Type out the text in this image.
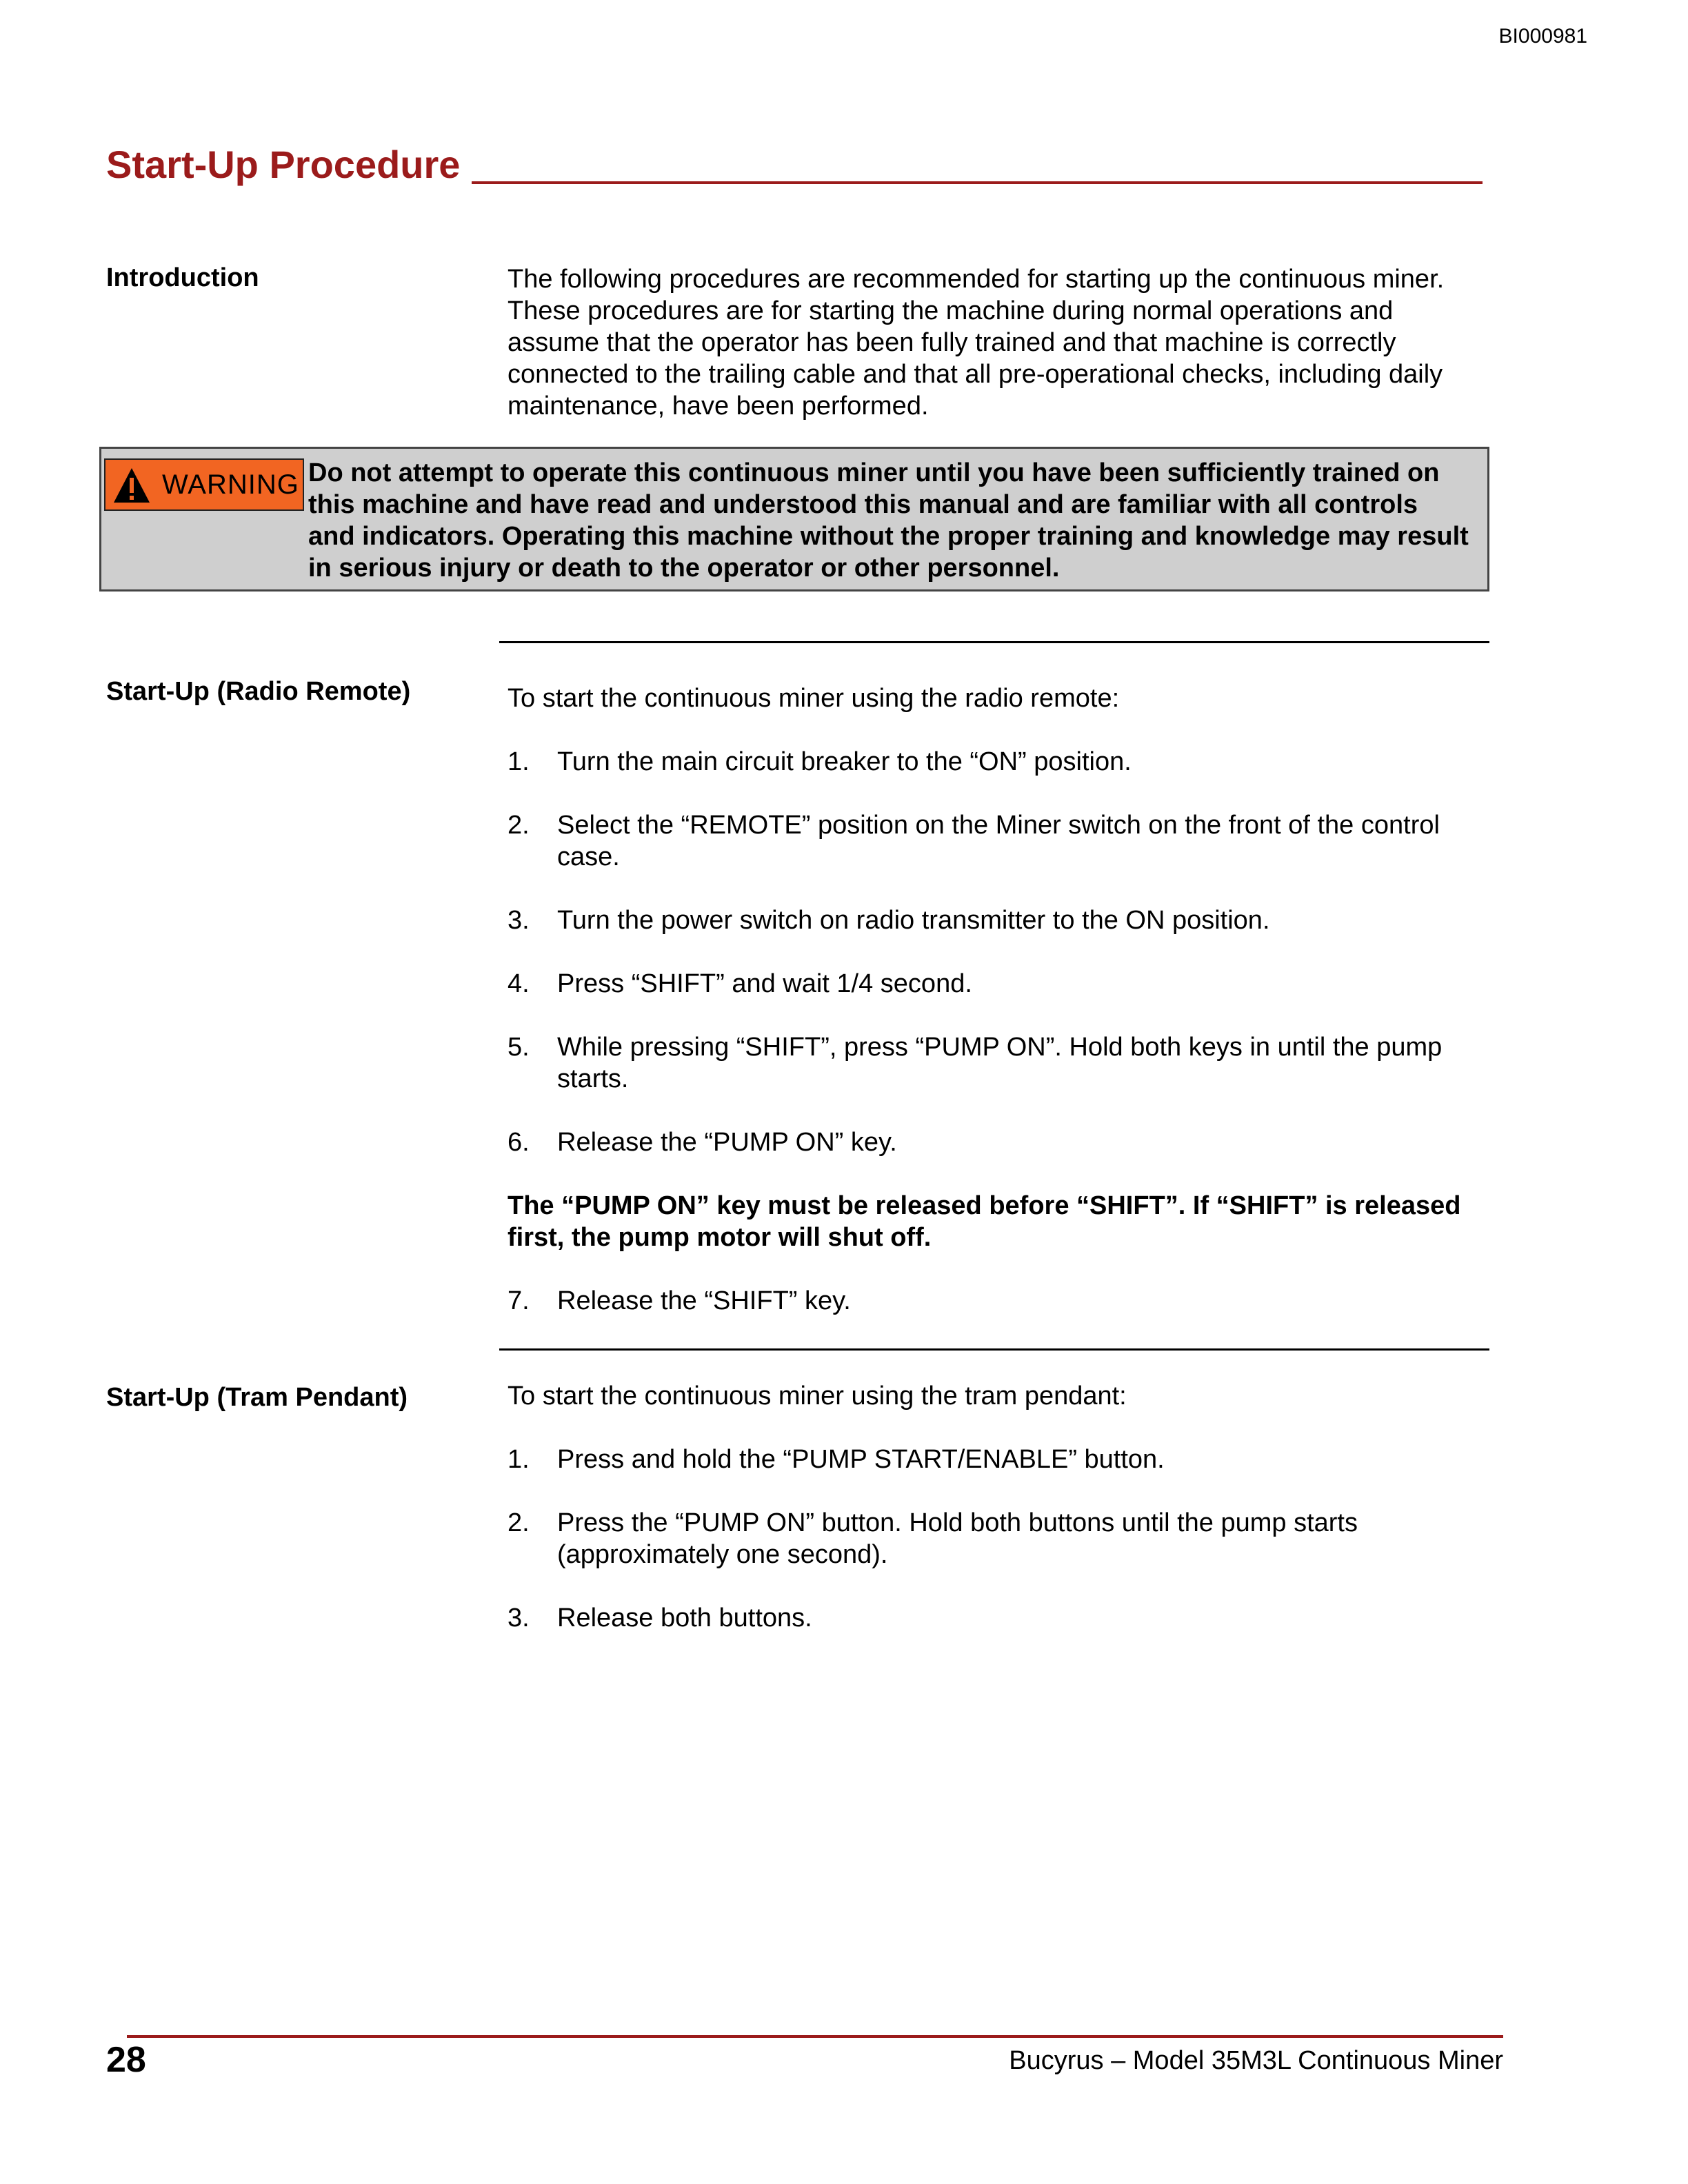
BI000981
Start-Up Procedure
Introduction	The following procedures are recommended for starting up the continuous miner. These procedures are for starting the machine during normal operations and assume that the operator has been fully trained and that machine is correctly connected to the trailing cable and that all pre-operational checks, including daily maintenance, have been performed.
WARNING Do not attempt to operate this continuous miner until you have been sufficiently trained on this machine and have read and understood this manual and are familiar with all controls and indicators. Operating this machine without the proper training and knowledge may result in serious injury or death to the operator or other personnel.
Start-Up (Radio Remote)	To start the continuous miner using the radio remote:
1. Turn the main circuit breaker to the “ON” position.
2. Select the “REMOTE” position on the Miner switch on the front of the control case.
3. Turn the power switch on radio transmitter to the ON position.
4. Press “SHIFT” and wait 1/4 second.
5. While pressing “SHIFT”, press “PUMP ON”. Hold both keys in until the pump starts.
6. Release the “PUMP ON” key.
The “PUMP ON” key must be released before “SHIFT”. If “SHIFT” is released first, the pump motor will shut off.
7. Release the “SHIFT” key.
Start-Up (Tram Pendant)	To start the continuous miner using the tram pendant:
1. Press and hold the “PUMP START/ENABLE” button.
2. Press the “PUMP ON” button. Hold both buttons until the pump starts (approximately one second).
3. Release both buttons.
28	Bucyrus – Model 35M3L Continuous Miner
